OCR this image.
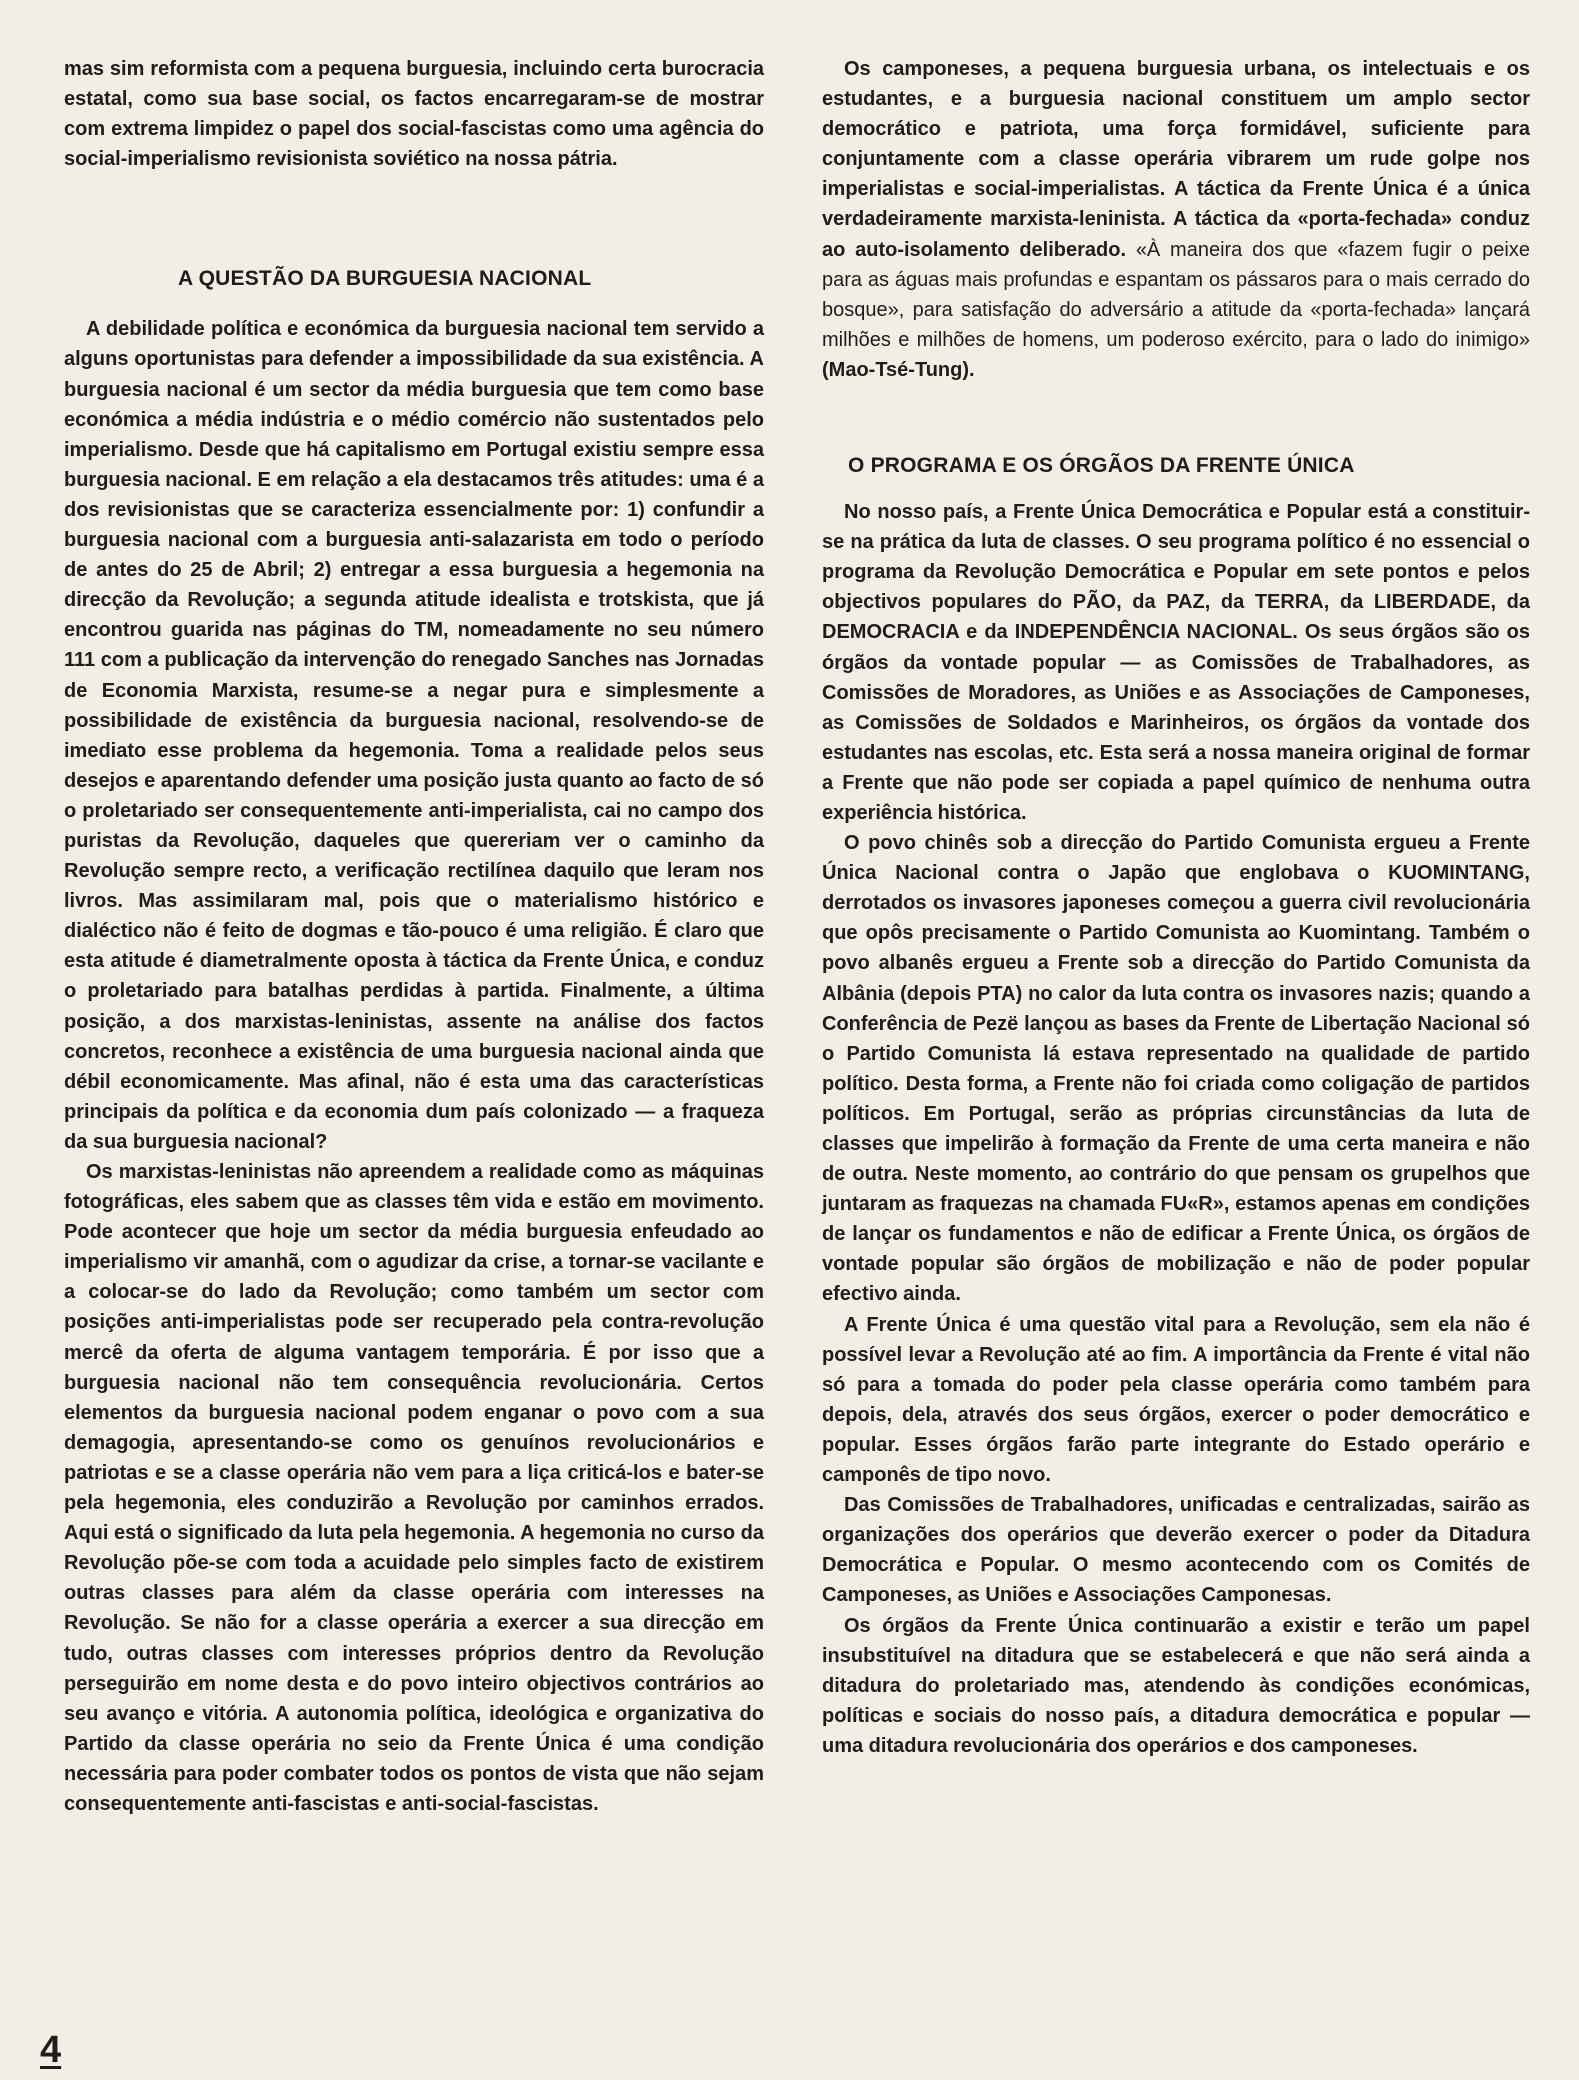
mas sim reformista com a pequena burguesia, incluindo certa burocracia estatal, como sua base social, os factos encarregaram-se de mostrar com extrema limpidez o papel dos social-fascistas como uma agência do social-imperialismo revisionista soviético na nossa pátria.

A QUESTÃO DA BURGUESIA NACIONAL

A debilidade política e económica da burguesia nacional tem servido a alguns oportunistas para defender a impossibilidade da sua existência. A burguesia nacional é um sector da média burguesia que tem como base económica a média indústria e o médio comércio não sustentados pelo imperialismo. Desde que há capitalismo em Portugal existiu sempre essa burguesia nacional. E em relação a ela destacamos três atitudes: uma é a dos revisionistas que se caracteriza essencialmente por: 1) confundir a burguesia nacional com a burguesia anti-salazarista em todo o período de antes do 25 de Abril; 2) entregar a essa burguesia a hegemonia na direcção da Revolução; a segunda atitude idealista e trotskista, que já encontrou guarida nas páginas do TM, nomeadamente no seu número 111 com a publicação da intervenção do renegado Sanches nas Jornadas de Economia Marxista, resume-se a negar pura e simplesmente a possibilidade de existência da burguesia nacional, resolvendo-se de imediato esse problema da hegemonia. Toma a realidade pelos seus desejos e aparentando defender uma posição justa quanto ao facto de só o proletariado ser consequentemente anti-imperialista, cai no campo dos puristas da Revolução, daqueles que quereriam ver o caminho da Revolução sempre recto, a verificação rectilínea daquilo que leram nos livros. Mas assimilaram mal, pois que o materialismo histórico e dialéctico não é feito de dogmas e tão-pouco é uma religião. É claro que esta atitude é diametralmente oposta à táctica da Frente Única, e conduz o proletariado para batalhas perdidas à partida. Finalmente, a última posição, a dos marxistas-leninistas, assente na análise dos factos concretos, reconhece a existência de uma burguesia nacional ainda que débil economicamente. Mas afinal, não é esta uma das características principais da política e da economia dum país colonizado — a fraqueza da sua burguesia nacional?

Os marxistas-leninistas não apreendem a realidade como as máquinas fotográficas, eles sabem que as classes têm vida e estão em movimento. Pode acontecer que hoje um sector da média burguesia enfeudado ao imperialismo vir amanhã, com o agudizar da crise, a tornar-se vacilante e a colocar-se do lado da Revolução; como também um sector com posições anti-imperialistas pode ser recuperado pela contra-revolução mercê da oferta de alguma vantagem temporária. É por isso que a burguesia nacional não tem consequência revolucionária. Certos elementos da burguesia nacional podem enganar o povo com a sua demagogia, apresentando-se como os genuínos revolucionários e patriotas e se a classe operária não vem para a liça criticá-los e bater-se pela hegemonia, eles conduzirão a Revolução por caminhos errados. Aqui está o significado da luta pela hegemonia. A hegemonia no curso da Revolução põe-se com toda a acuidade pelo simples facto de existirem outras classes para além da classe operária com interesses na Revolução. Se não for a classe operária a exercer a sua direcção em tudo, outras classes com interesses próprios dentro da Revolução perseguirão em nome desta e do povo inteiro objectivos contrários ao seu avanço e vitória. A autonomia política, ideológica e organizativa do Partido da classe operária no seio da Frente Única é uma condição necessária para poder combater todos os pontos de vista que não sejam consequentemente anti-fascistas e anti-social-fascistas.

Os camponeses, a pequena burguesia urbana, os intelectuais e os estudantes, e a burguesia nacional constituem um amplo sector democrático e patriota, uma força formidável, suficiente para conjuntamente com a classe operária vibrarem um rude golpe nos imperialistas e social-imperialistas. A táctica da Frente Única é a única verdadeiramente marxista-leninista. A táctica da «porta-fechada» conduz ao auto-isolamento deliberado. «À maneira dos que «fazem fugir o peixe para as águas mais profundas e espantam os pássaros para o mais cerrado do bosque», para satisfação do adversário a atitude da «porta-fechada» lançará milhões e milhões de homens, um poderoso exército, para o lado do inimigo» (Mao-Tsé-Tung).

O PROGRAMA E OS ÓRGÃOS DA FRENTE ÚNICA

No nosso país, a Frente Única Democrática e Popular está a constituir-se na prática da luta de classes. O seu programa político é no essencial o programa da Revolução Democrática e Popular em sete pontos e pelos objectivos populares do PÃO, da PAZ, da TERRA, da LIBERDADE, da DEMOCRACIA e da INDEPENDÊNCIA NACIONAL. Os seus órgãos são os órgãos da vontade popular — as Comissões de Trabalhadores, as Comissões de Moradores, as Uniões e as Associações de Camponeses, as Comissões de Soldados e Marinheiros, os órgãos da vontade dos estudantes nas escolas, etc. Esta será a nossa maneira original de formar a Frente que não pode ser copiada a papel químico de nenhuma outra experiência histórica.

O povo chinês sob a direcção do Partido Comunista ergueu a Frente Única Nacional contra o Japão que englobava o KUOMINTANG, derrotados os invasores japoneses começou a guerra civil revolucionária que opôs precisamente o Partido Comunista ao Kuomintang. Também o povo albanês ergueu a Frente sob a direcção do Partido Comunista da Albânia (depois PTA) no calor da luta contra os invasores nazis; quando a Conferência de Pezë lançou as bases da Frente de Libertação Nacional só o Partido Comunista lá estava representado na qualidade de partido político. Desta forma, a Frente não foi criada como coligação de partidos políticos. Em Portugal, serão as próprias circunstâncias da luta de classes que impelirão à formação da Frente de uma certa maneira e não de outra. Neste momento, ao contrário do que pensam os grupelhos que juntaram as fraquezas na chamada FU«R», estamos apenas em condições de lançar os fundamentos e não de edificar a Frente Única, os órgãos de vontade popular são órgãos de mobilização e não de poder popular efectivo ainda.

A Frente Única é uma questão vital para a Revolução, sem ela não é possível levar a Revolução até ao fim. A importância da Frente é vital não só para a tomada do poder pela classe operária como também para depois, dela, através dos seus órgãos, exercer o poder democrático e popular. Esses órgãos farão parte integrante do Estado operário e camponês de tipo novo.

Das Comissões de Trabalhadores, unificadas e centralizadas, sairão as organizações dos operários que deverão exercer o poder da Ditadura Democrática e Popular. O mesmo acontecendo com os Comités de Camponeses, as Uniões e Associações Camponesas.

Os órgãos da Frente Única continuarão a existir e terão um papel insubstituível na ditadura que se estabelecerá e que não será ainda a ditadura do proletariado mas, atendendo às condições económicas, políticas e sociais do nosso país, a ditadura democrática e popular — uma ditadura revolucionária dos operários e dos camponeses.

4
